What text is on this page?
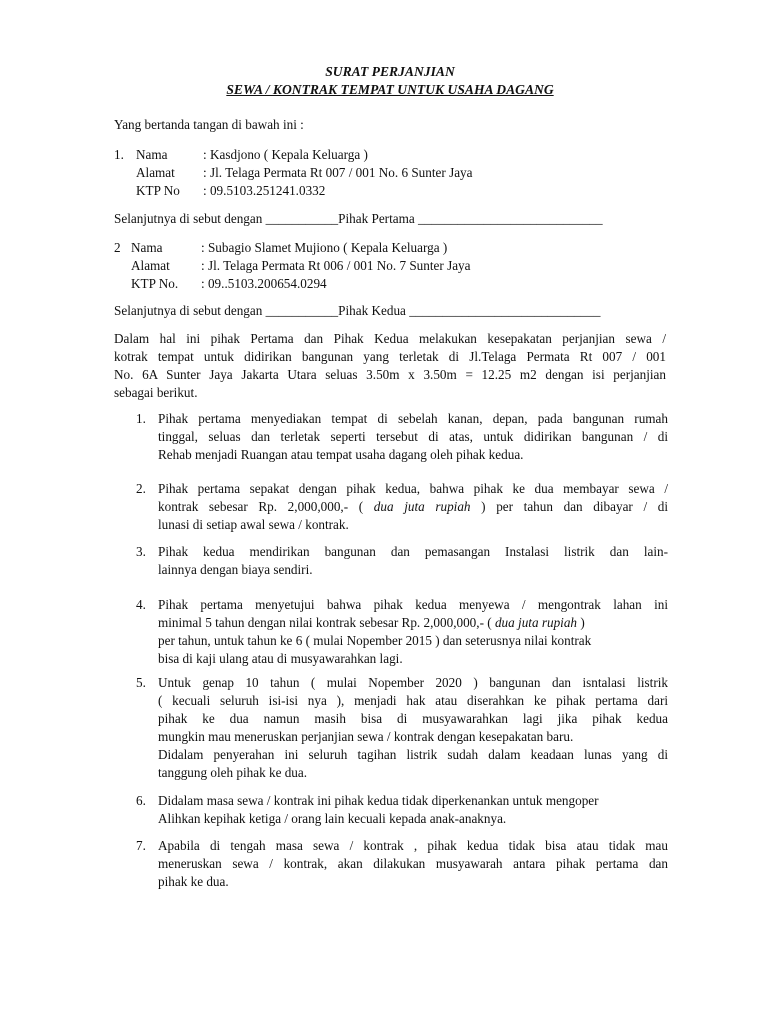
SURAT PERJANJIAN
SEWA / KONTRAK TEMPAT UNTUK USAHA DAGANG
Yang bertanda tangan di bawah ini :
1. Nama	: Kasdjono ( Kepala Keluarga )
Alamat : Jl. Telaga Permata Rt 007 / 001 No. 6 Sunter Jaya
KTP No : 09.5103.251241.0332
Selanjutnya di sebut dengan ___________Pihak Pertama ____________________________
2 Nama	: Subagio Slamet Mujiono ( Kepala Keluarga )
Alamat : Jl. Telaga Permata Rt 006 / 001 No. 7 Sunter Jaya
KTP No. : 09..5103.200654.0294
Selanjutnya di sebut dengan ___________Pihak Kedua _____________________________
Dalam hal ini pihak Pertama dan Pihak Kedua melakukan kesepakatan perjanjian sewa /
kotrak tempat untuk didirikan bangunan yang terletak di Jl.Telaga Permata Rt 007 / 001
No. 6A Sunter Jaya Jakarta Utara seluas 3.50m x 3.50m = 12.25 m2 dengan isi perjanjian
sebagai berikut.
1. Pihak pertama menyediakan tempat di sebelah kanan, depan, pada bangunan rumah
tinggal, seluas dan terletak seperti tersebut di atas, untuk didirikan bangunan / di
Rehab menjadi Ruangan atau tempat usaha dagang oleh pihak kedua.
2. Pihak pertama sepakat dengan pihak kedua, bahwa pihak ke dua membayar sewa /
kontrak sebesar Rp. 2,000,000,- ( dua juta rupiah ) per tahun dan dibayar / di
lunasi di setiap awal sewa / kontrak.
3. Pihak kedua mendirikan bangunan dan pemasangan Instalasi listrik dan lain-
lainnya dengan biaya sendiri.
4. Pihak pertama menyetujui bahwa pihak kedua menyewa / mengontrak lahan ini
minimal 5 tahun dengan nilai kontrak sebesar Rp. 2,000,000,- ( dua juta rupiah )
per tahun, untuk tahun ke 6 ( mulai Nopember 2015 ) dan seterusnya nilai kontrak
bisa di kaji ulang atau di musyawarahkan lagi.
5. Untuk genap 10 tahun ( mulai Nopember 2020 ) bangunan dan isntalasi listrik
( kecuali seluruh isi-isi nya ), menjadi hak atau diserahkan ke pihak pertama dari
pihak ke dua namun masih bisa di musyawarahkan lagi jika pihak kedua
mungkin mau meneruskan perjanjian sewa / kontrak dengan kesepakatan baru.
Didalam penyerahan ini seluruh tagihan listrik sudah dalam keadaan lunas yang di
tanggung oleh pihak ke dua.
6. Didalam masa sewa / kontrak ini pihak kedua tidak diperkenankan untuk mengoper
Alihkan kepihak ketiga / orang lain kecuali kepada anak-anaknya.
7. Apabila di tengah masa sewa / kontrak , pihak kedua tidak bisa atau tidak mau
meneruskan sewa / kontrak, akan dilakukan musyawarah antara pihak pertama dan
pihak ke dua.
